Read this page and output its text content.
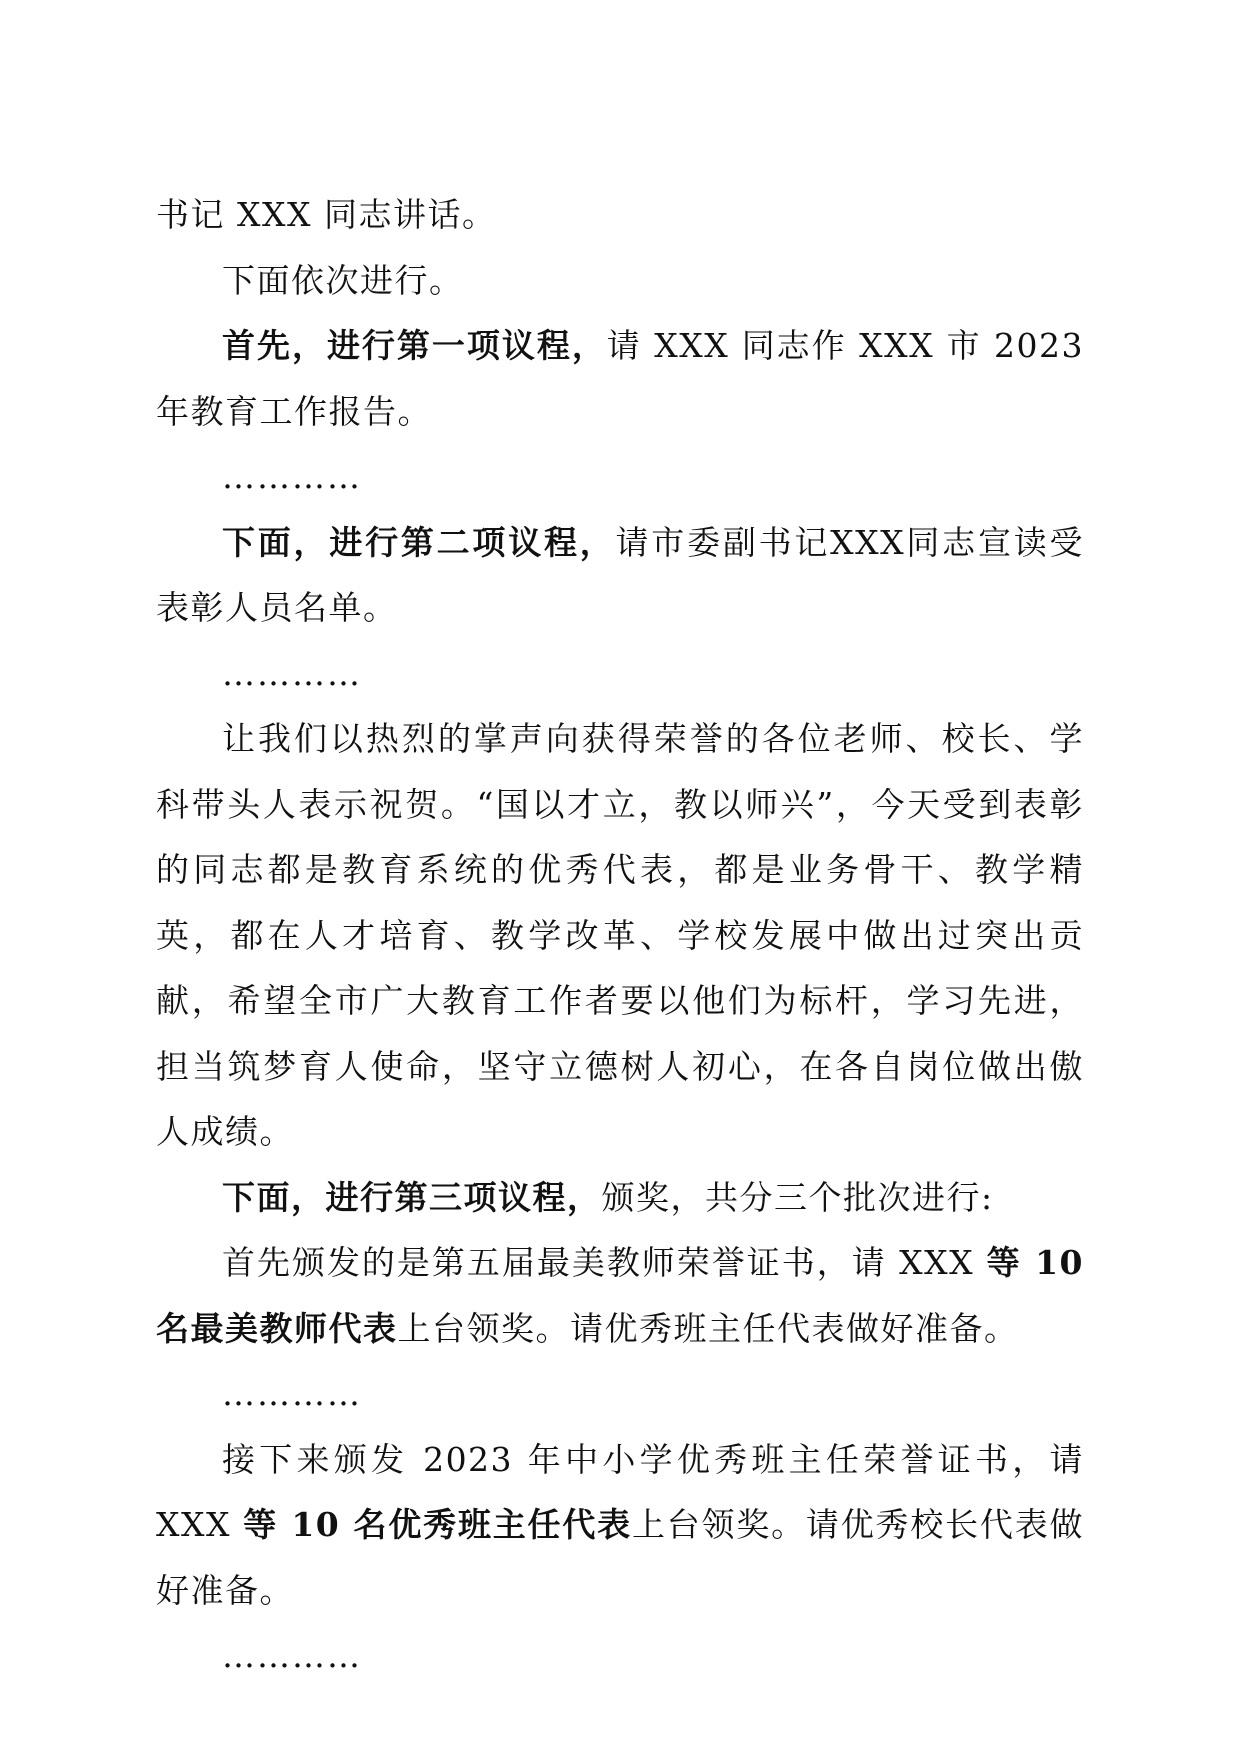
书记 XXX 同志讲话。

下面依次进行。

首先，进行第一项议程，请 XXX 同志作 XXX 市 2023 年教育工作报告。

…………

下面，进行第二项议程，请市委副书记XXX同志宣读受表彰人员名单。

…………

让我们以热烈的掌声向获得荣誉的各位老师、校长、学科带头人表示祝贺。“国以才立，教以师兴”，今天受到表彰的同志都是教育系统的优秀代表，都是业务骨干、教学精英，都在人才培育、教学改革、学校发展中做出过突出贡献，希望全市广大教育工作者要以他们为标杆，学习先进，担当筑梦育人使命，坚守立德树人初心，在各自岗位做出傲人成绩。

下面，进行第三项议程，颁奖，共分三个批次进行:

首先颁发的是第五届最美教师荣誉证书，请 XXX 等 10 名最美教师代表上台领奖。请优秀班主任代表做好准备。

…………

接下来颁发 2023 年中小学优秀班主任荣誉证书，请 XXX 等 10 名优秀班主任代表上台领奖。请优秀校长代表做好准备。

…………
